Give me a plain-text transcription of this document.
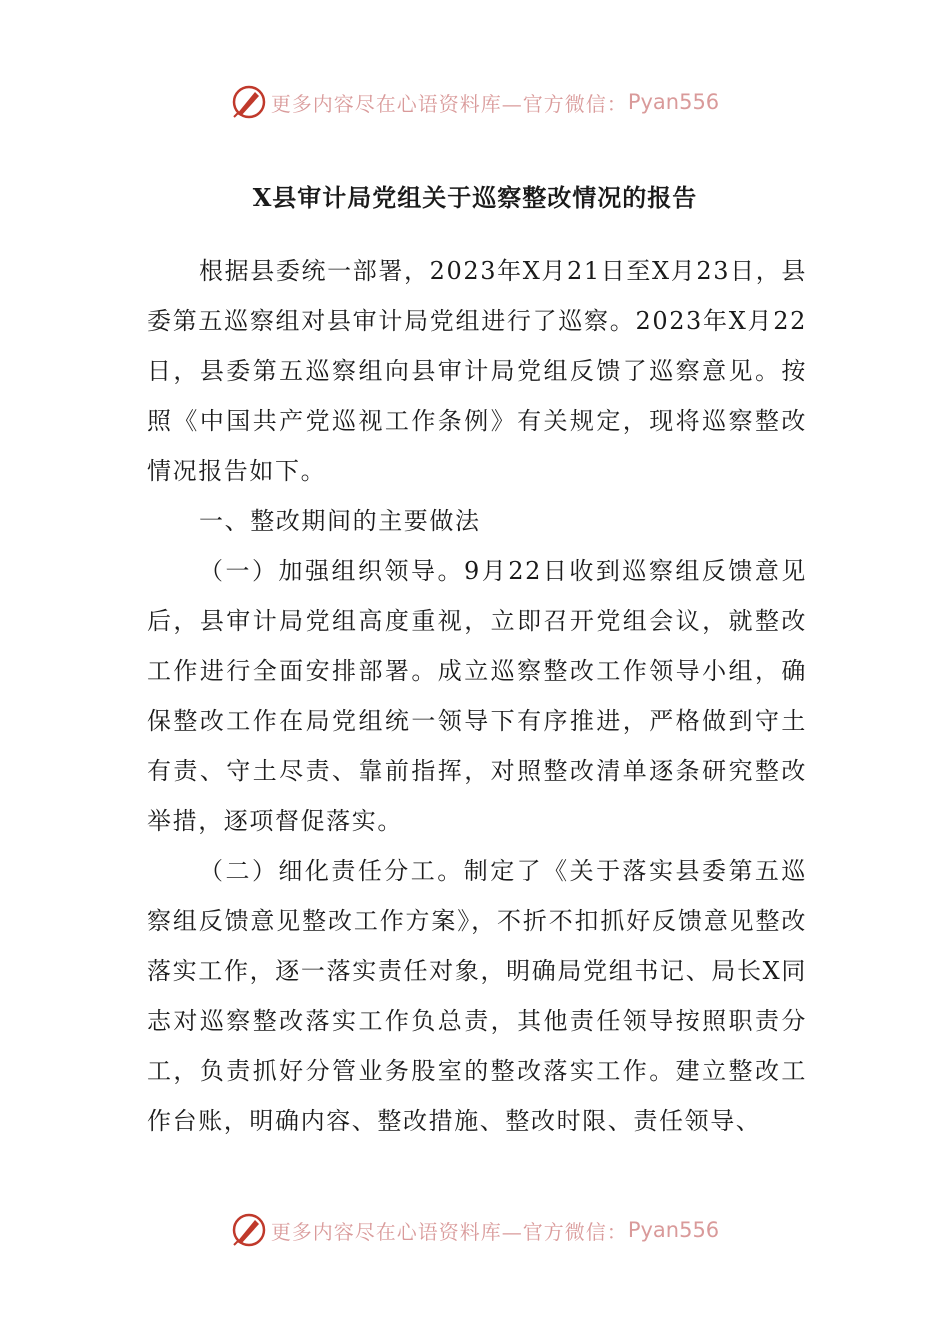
更多内容尽在心语资料库—官方微信： Pyan556
X县审计局党组关于巡察整改情况的报告

根据县委统一部署，2023年X月21日至X月23日，县委第五巡察组对县审计局党组进行了巡察。2023年X月22日，县委第五巡察组向县审计局党组反馈了巡察意见。按照《中国共产党巡视工作条例》有关规定，现将巡察整改情况报告如下。

一、整改期间的主要做法

（一）加强组织领导。9月22日收到巡察组反馈意见后，县审计局党组高度重视，立即召开党组会议，就整改工作进行全面安排部署。成立巡察整改工作领导小组，确保整改工作在局党组统一领导下有序推进，严格做到守土有责、守土尽责、靠前指挥，对照整改清单逐条研究整改举措，逐项督促落实。

（二）细化责任分工。制定了《关于落实县委第五巡察组反馈意见整改工作方案》，不折不扣抓好反馈意见整改落实工作，逐一落实责任对象，明确局党组书记、局长X同志对巡察整改落实工作负总责，其他责任领导按照职责分工，负责抓好分管业务股室的整改落实工作。建立整改工作台账，明确内容、整改措施、整改时限、责任领导、

更多内容尽在心语资料库—官方微信： Pyan556
